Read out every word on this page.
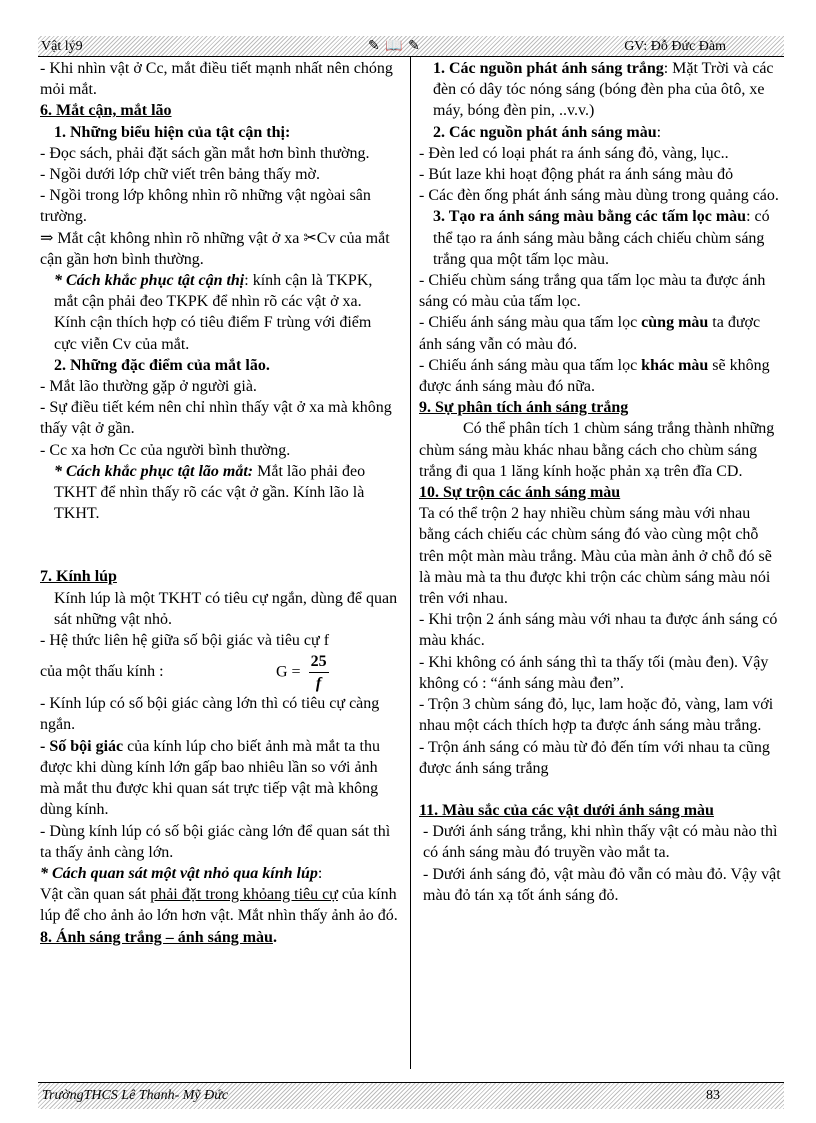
Vật lý9	✎ 📖 ✎	GV: Đỗ Đức Đàm

- Khi nhìn vật ở Cc, mắt điều tiết mạnh nhất nên chóng mỏi mắt.

6. Mắt cận, mắt lão

1. Những biểu hiện của tật cận thị:

- Đọc sách, phải đặt sách gần mắt hơn bình thường.

- Ngồi dưới lớp chữ viết trên bảng thấy mờ.

- Ngồi trong lớp không nhìn rõ những vật ngòai sân trường.

⇒ Mắt cật không nhìn rõ những vật ở xa ✂Cv của mắt cận gần hơn bình thường.

* Cách khắc phục tật cận thị: kính cận là TKPK, mắt cận phải đeo TKPK để nhìn rõ các vật ở xa.

Kính cận thích hợp có tiêu điểm F trùng với điểm cực viễn Cv của mắt.

2. Những đặc điểm của mắt lão.

- Mắt lão thường gặp ở người già.

- Sự điều tiết kém nên chỉ nhìn thấy vật ở xa mà không thấy vật ở gần.

- Cc xa hơn Cc của người bình thường.

* Cách khắc phục tật lão mắt: Mắt lão phải đeo TKHT để nhìn thấy rõ các vật ở gần. Kính lão là TKHT.

7. Kính lúp

Kính lúp là một TKHT có tiêu cự ngắn, dùng để quan sát những vật nhỏ.

- Hệ thức liên hệ giữa số bội giác và tiêu cự f

của một thấu kính :	$G = \frac{25}{f}$

- Kính lúp có số bội giác càng lớn thì có tiêu cự càng ngắn.

- Số bội giác của kính lúp cho biết ảnh mà mắt ta thu được khi dùng kính lớn gấp bao nhiêu lần so với ảnh mà mắt thu được khi quan sát trực tiếp vật mà không dùng kính.

- Dùng kính lúp có số bội giác càng lớn để quan sát thì ta thấy ảnh càng lớn.

* Cách quan sát một vật nhỏ qua kính lúp:

Vật cần quan sát phải đặt trong khỏang tiêu cự của kính lúp để cho ảnh ảo lớn hơn vật. Mắt nhìn thấy ảnh ảo đó.

8. Ánh sáng trắng – ánh sáng màu.

1. Các nguồn phát ánh sáng trắng: Mặt Trời và các đèn có dây tóc nóng sáng (bóng đèn pha của ôtô, xe máy, bóng đèn pin, ..v.v.)

2. Các nguồn phát ánh sáng màu:

- Đèn led có loại phát ra ánh sáng đỏ, vàng, lục..

- Bút laze khi hoạt động phát ra ánh sáng màu đỏ

- Các đèn ống phát ánh sáng màu dùng trong quảng cáo.

3. Tạo ra ánh sáng màu bằng các tấm lọc màu: có thể tạo ra ánh sáng màu bằng cách chiếu chùm sáng trắng qua một tấm lọc màu.

- Chiếu chùm sáng trắng qua tấm lọc màu ta được ánh sáng có màu của tấm lọc.

- Chiếu ánh sáng màu qua tấm lọc cùng màu ta được ánh sáng vẫn có màu đó.

- Chiếu ánh sáng màu qua tấm lọc khác màu sẽ không được ánh sáng màu đó nữa.

9. Sự phân tích ánh sáng trắng

Có thể phân tích 1 chùm sáng trắng thành những chùm sáng màu khác nhau bằng cách cho chùm sáng trắng đi qua 1 lăng kính hoặc phản xạ trên đĩa CD.

10. Sự trộn các ánh sáng màu

Ta có thể trộn 2 hay nhiều chùm sáng màu với nhau bằng cách chiếu các chùm sáng đó vào cùng một chỗ trên một màn màu trắng. Màu của màn ảnh ở chỗ đó sẽ là màu mà ta thu được khi trộn các chùm sáng màu nói trên với nhau.

- Khi trộn 2 ánh sáng màu với nhau ta được ánh sáng có màu khác.

- Khi không có ánh sáng thì ta thấy tối (màu đen). Vậy không có : “ánh sáng màu đen”.

- Trộn 3 chùm sáng đỏ, lục, lam hoặc đỏ, vàng, lam với nhau một cách thích hợp ta được ánh sáng màu trắng.

- Trộn ánh sáng có màu từ đỏ đến tím với nhau ta cũng được ánh sáng trắng

11. Màu sắc của các vật dưới ánh sáng màu

- Dưới ánh sáng trắng, khi nhìn thấy vật có màu nào thì có ánh sáng màu đó truyền vào mắt ta.

- Dưới ánh sáng đỏ, vật màu đỏ vẫn có màu đỏ. Vậy vật màu đỏ tán xạ tốt ánh sáng đỏ.

TrườngTHCS Lê Thanh- Mỹ Đức	83
